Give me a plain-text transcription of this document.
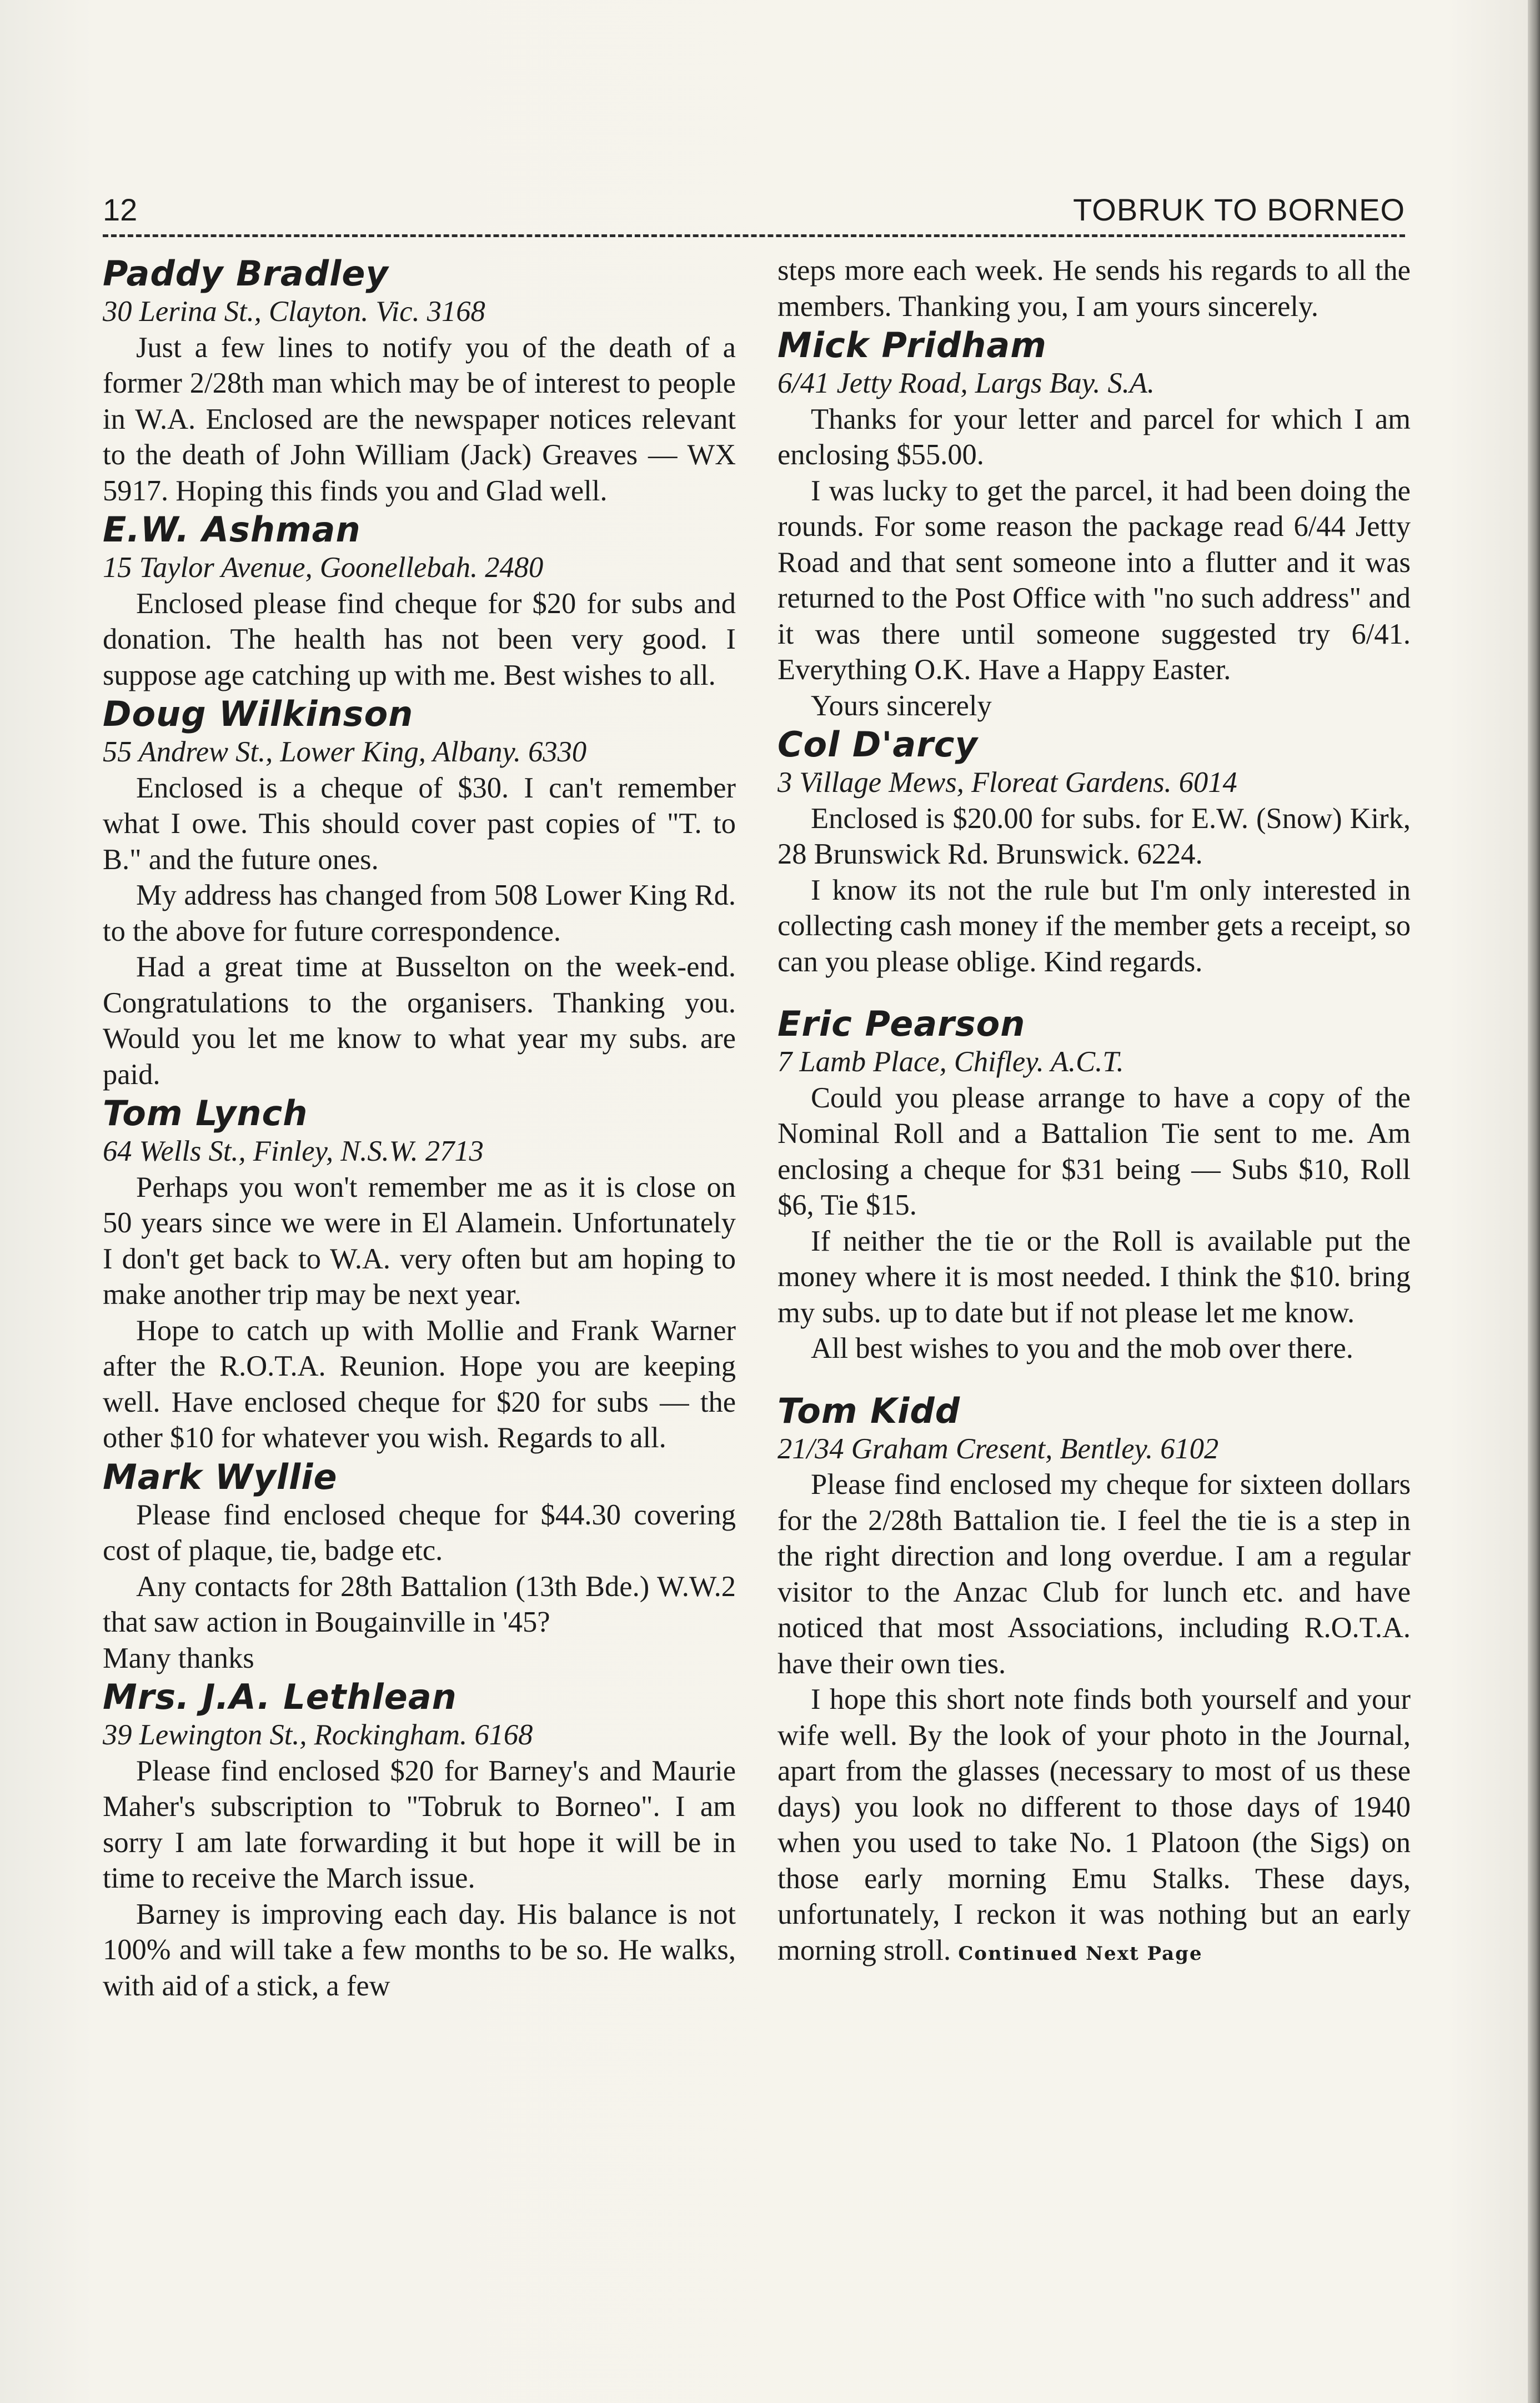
12	TOBRUK TO BORNEO
Paddy Bradley
30 Lerina St., Clayton. Vic. 3168
Just a few lines to notify you of the death of a former 2/28th man which may be of interest to people in W.A. Enclosed are the newspaper notices relevant to the death of John William (Jack) Greaves — WX 5917. Hoping this finds you and Glad well.
E.W. Ashman
15 Taylor Avenue, Goonellebah. 2480
Enclosed please find cheque for $20 for subs and donation. The health has not been very good. I suppose age catching up with me. Best wishes to all.
Doug Wilkinson
55 Andrew St., Lower King, Albany. 6330
Enclosed is a cheque of $30. I can't remember what I owe. This should cover past copies of "T. to B." and the future ones.
My address has changed from 508 Lower King Rd. to the above for future correspondence.
Had a great time at Busselton on the week-end. Congratulations to the organisers. Thanking you. Would you let me know to what year my subs. are paid.
Tom Lynch
64 Wells St., Finley, N.S.W. 2713
Perhaps you won't remember me as it is close on 50 years since we were in El Alamein. Unfortunately I don't get back to W.A. very often but am hoping to make another trip may be next year.
Hope to catch up with Mollie and Frank Warner after the R.O.T.A. Reunion. Hope you are keeping well. Have enclosed cheque for $20 for subs — the other $10 for whatever you wish. Regards to all.
Mark Wyllie
Please find enclosed cheque for $44.30 covering cost of plaque, tie, badge etc.
Any contacts for 28th Battalion (13th Bde.) W.W.2 that saw action in Bougainville in '45?
Many thanks
Mrs. J.A. Lethlean
39 Lewington St., Rockingham. 6168
Please find enclosed $20 for Barney's and Maurie Maher's subscription to "Tobruk to Borneo". I am sorry I am late forwarding it but hope it will be in time to receive the March issue.
Barney is improving each day. His balance is not 100% and will take a few months to be so. He walks, with aid of a stick, a few
steps more each week. He sends his regards to all the members. Thanking you, I am yours sincerely.
Mick Pridham
6/41 Jetty Road, Largs Bay. S.A.
Thanks for your letter and parcel for which I am enclosing $55.00.
I was lucky to get the parcel, it had been doing the rounds. For some reason the package read 6/44 Jetty Road and that sent someone into a flutter and it was returned to the Post Office with "no such address" and it was there until someone suggested try 6/41. Everything O.K. Have a Happy Easter.
Yours sincerely
Col D'arcy
3 Village Mews, Floreat Gardens. 6014
Enclosed is $20.00 for subs. for E.W. (Snow) Kirk, 28 Brunswick Rd. Brunswick. 6224.
I know its not the rule but I'm only interested in collecting cash money if the member gets a receipt, so can you please oblige. Kind regards.
Eric Pearson
7 Lamb Place, Chifley. A.C.T.
Could you please arrange to have a copy of the Nominal Roll and a Battalion Tie sent to me. Am enclosing a cheque for $31 being — Subs $10, Roll $6, Tie $15.
If neither the tie or the Roll is available put the money where it is most needed. I think the $10. bring my subs. up to date but if not please let me know.
All best wishes to you and the mob over there.
Tom Kidd
21/34 Graham Cresent, Bentley. 6102
Please find enclosed my cheque for sixteen dollars for the 2/28th Battalion tie. I feel the tie is a step in the right direction and long overdue. I am a regular visitor to the Anzac Club for lunch etc. and have noticed that most Associations, including R.O.T.A. have their own ties.
I hope this short note finds both yourself and your wife well. By the look of your photo in the Journal, apart from the glasses (necessary to most of us these days) you look no different to those days of 1940 when you used to take No. 1 Platoon (the Sigs) on those early morning Emu Stalks. These days, unfortunately, I reckon it was nothing but an early morning stroll. Continued Next Page
